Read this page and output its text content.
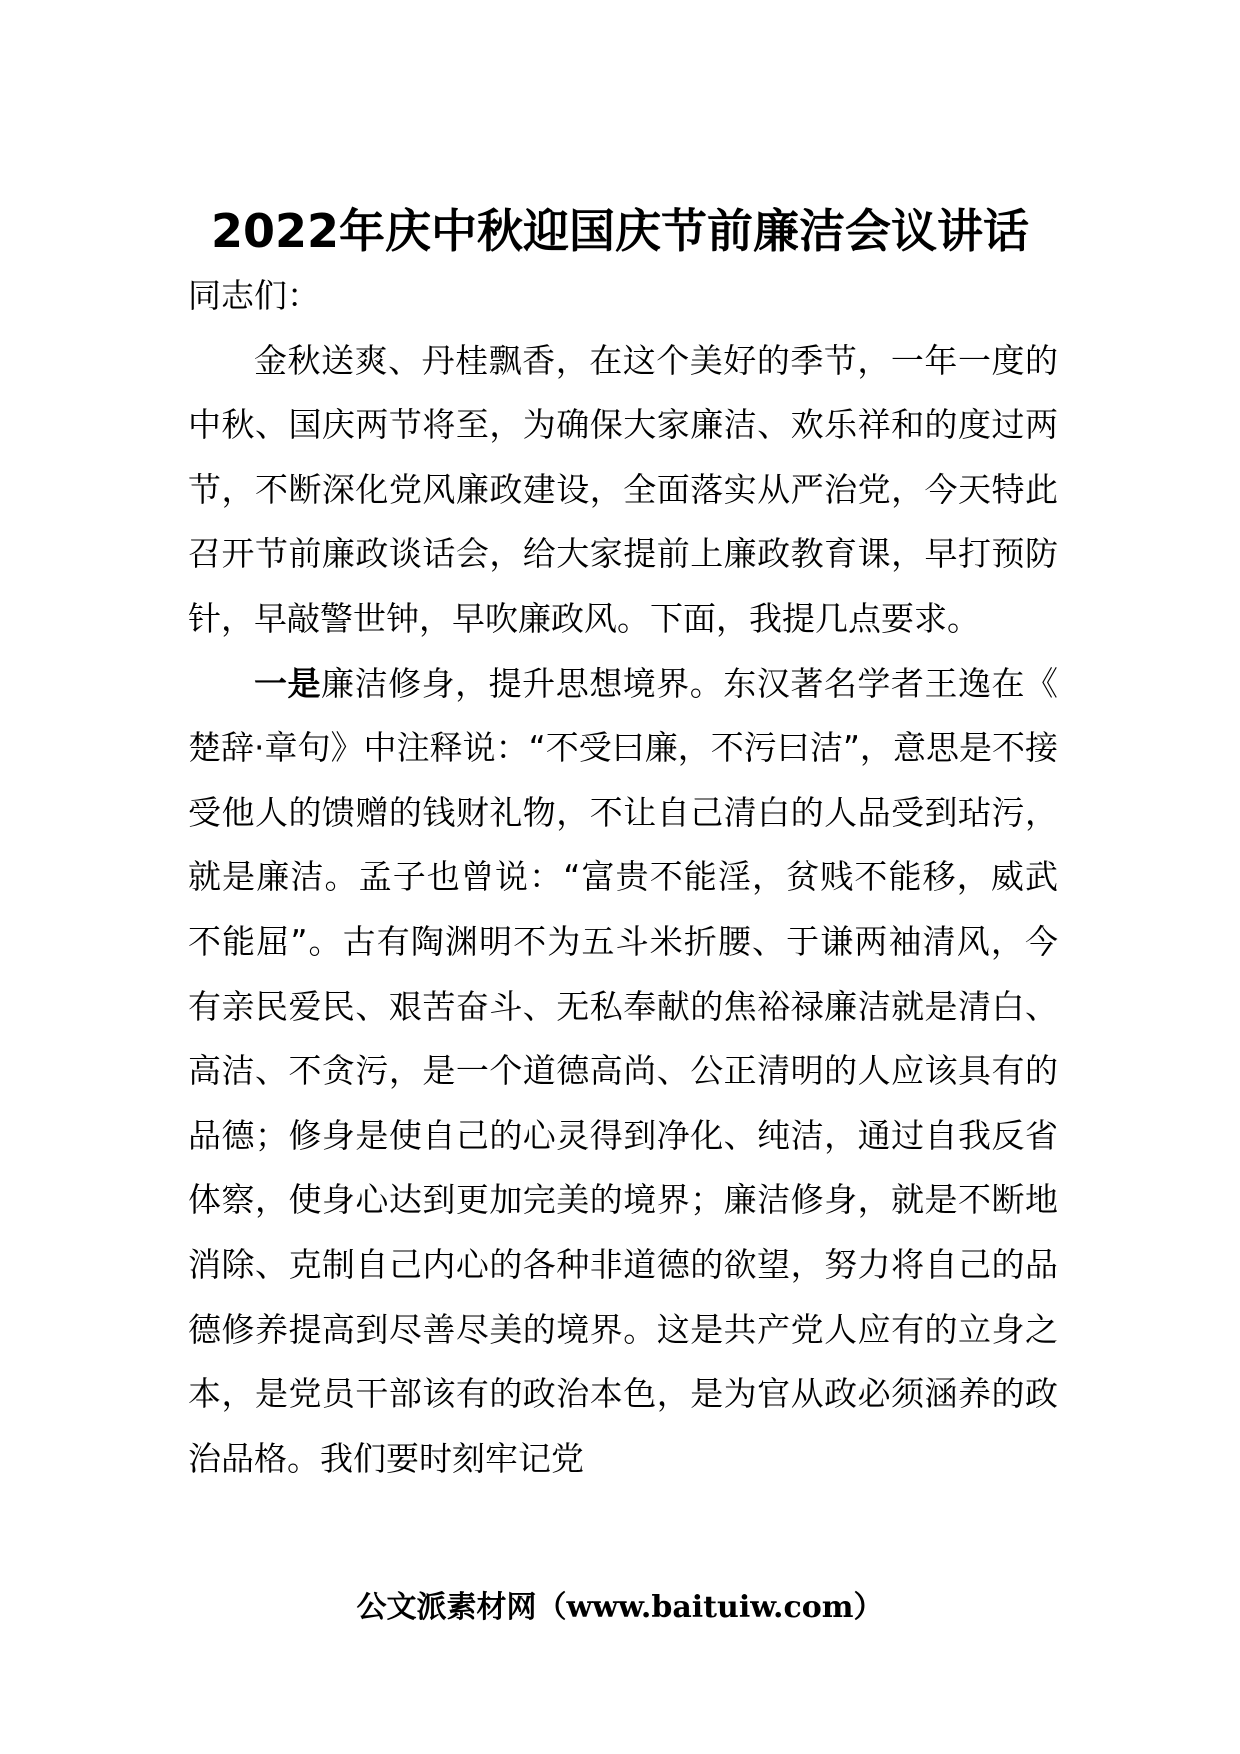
2022年庆中秋迎国庆节前廉洁会议讲话

同志们：

金秋送爽、丹桂飘香，在这个美好的季节，一年一度的中秋、国庆两节将至，为确保大家廉洁、欢乐祥和的度过两节，不断深化党风廉政建设，全面落实从严治党，今天特此召开节前廉政谈话会，给大家提前上廉政教育课，早打预防针，早敲警世钟，早吹廉政风。下面，我提几点要求。

一是廉洁修身，提升思想境界。东汉著名学者王逸在《楚辞·章句》中注释说：“不受曰廉，不污曰洁”，意思是不接受他人的馈赠的钱财礼物，不让自己清白的人品受到玷污，就是廉洁。孟子也曾说：“富贵不能淫，贫贱不能移，威武不能屈”。古有陶渊明不为五斗米折腰、于谦两袖清风，今有亲民爱民、艰苦奋斗、无私奉献的焦裕禄廉洁就是清白、高洁、不贪污，是一个道德高尚、公正清明的人应该具有的品德；修身是使自己的心灵得到净化、纯洁，通过自我反省体察，使身心达到更加完美的境界；廉洁修身，就是不断地消除、克制自己内心的各种非道德的欲望，努力将自己的品德修养提高到尽善尽美的境界。这是共产党人应有的立身之本，是党员干部该有的政治本色，是为官从政必须涵养的政治品格。我们要时刻牢记党

公文派素材网（www.baituiw.com）
